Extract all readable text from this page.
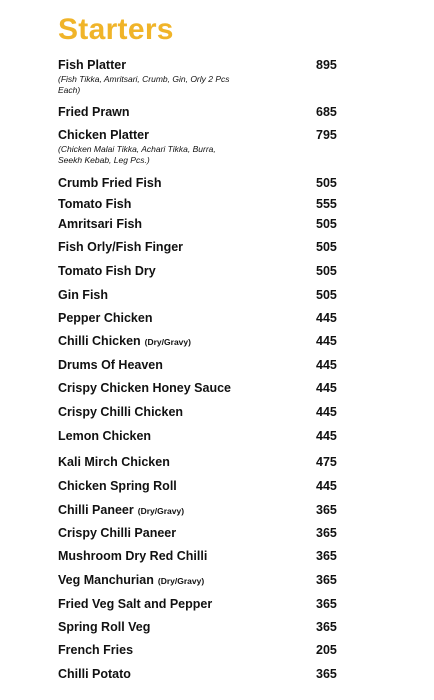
Starters
Fish Platter	895
(Fish Tikka, Amritsari, Crumb, Gin, Orly 2 Pcs Each)
Fried Prawn	685
Chicken Platter	795
(Chicken Malai Tikka, Achari Tikka, Burra, Seekh Kebab, Leg Pcs.)
Crumb Fried Fish	505
Tomato Fish	555
Amritsari Fish	505
Fish Orly/Fish Finger	505
Tomato Fish Dry	505
Gin Fish	505
Pepper Chicken	445
Chilli Chicken (Dry/Gravy)	445
Drums Of Heaven	445
Crispy Chicken Honey Sauce	445
Crispy Chilli Chicken	445
Lemon Chicken	445
Kali Mirch Chicken	475
Chicken Spring Roll	445
Chilli Paneer (Dry/Gravy)	365
Crispy Chilli Paneer	365
Mushroom Dry Red Chilli	365
Veg Manchurian (Dry/Gravy)	365
Fried Veg Salt and Pepper	365
Spring Roll Veg	365
French Fries	205
Chilli Potato	365
